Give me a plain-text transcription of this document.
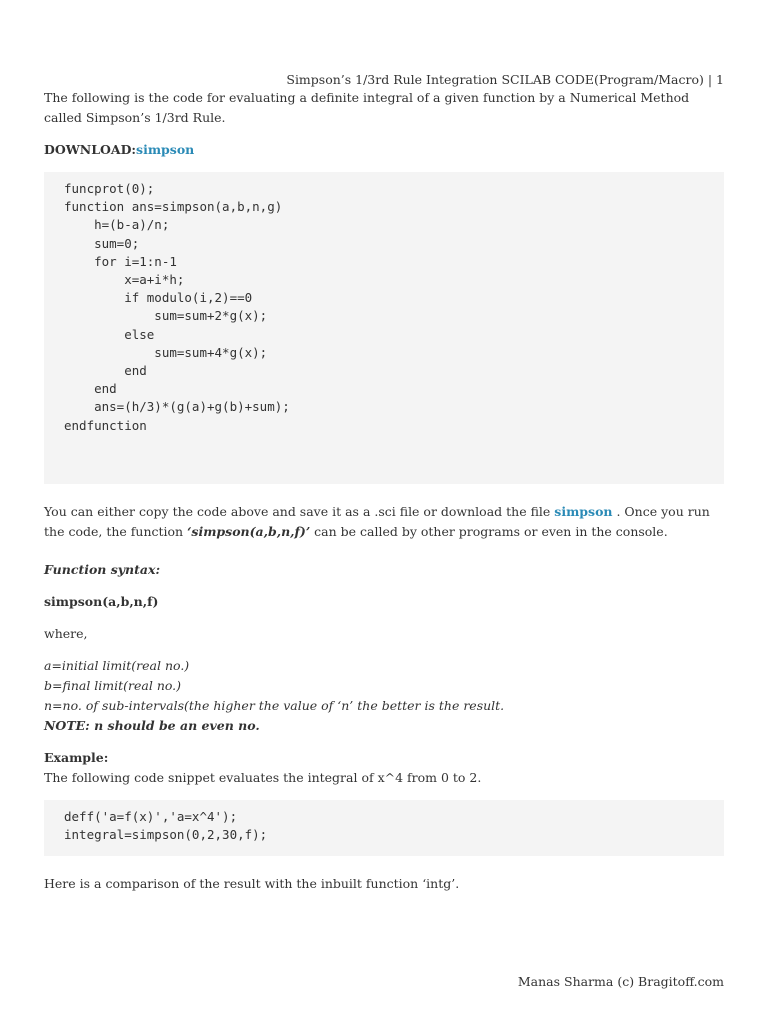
Simpson’s 1/3rd Rule Integration SCILAB CODE(Program/Macro) | 1

The following is the code for evaluating a definite integral of a given function by a Numerical Method called Simpson’s 1/3rd Rule.

DOWNLOAD:simpson

funcprot(0);
function ans=simpson(a,b,n,g)
h=(b-a)/n;
sum=0;
for i=1:n-1
x=a+i*h;
if modulo(i,2)==0
sum=sum+2*g(x);
else
sum=sum+4*g(x);
end
end
ans=(h/3)*(g(a)+g(b)+sum);
endfunction

You can either copy the code above and save it as a .sci file or download the file simpson . Once you run the code, the function ‘simpson(a,b,n,f)’ can be called by other programs or even in the console.

Function syntax:

simpson(a,b,n,f)

where,

a=initial limit(real no.)

b=final limit(real no.)

n=no. of sub-intervals(the higher the value of ‘n’ the better is the result.

NOTE: n should be an even no.

Example:

The following code snippet evaluates the integral of x^4 from 0 to 2.

deff('a=f(x)','a=x^4');
integral=simpson(0,2,30,f);

Here is a comparison of the result with the inbuilt function ‘intg’.

Manas Sharma (c) Bragitoff.com
